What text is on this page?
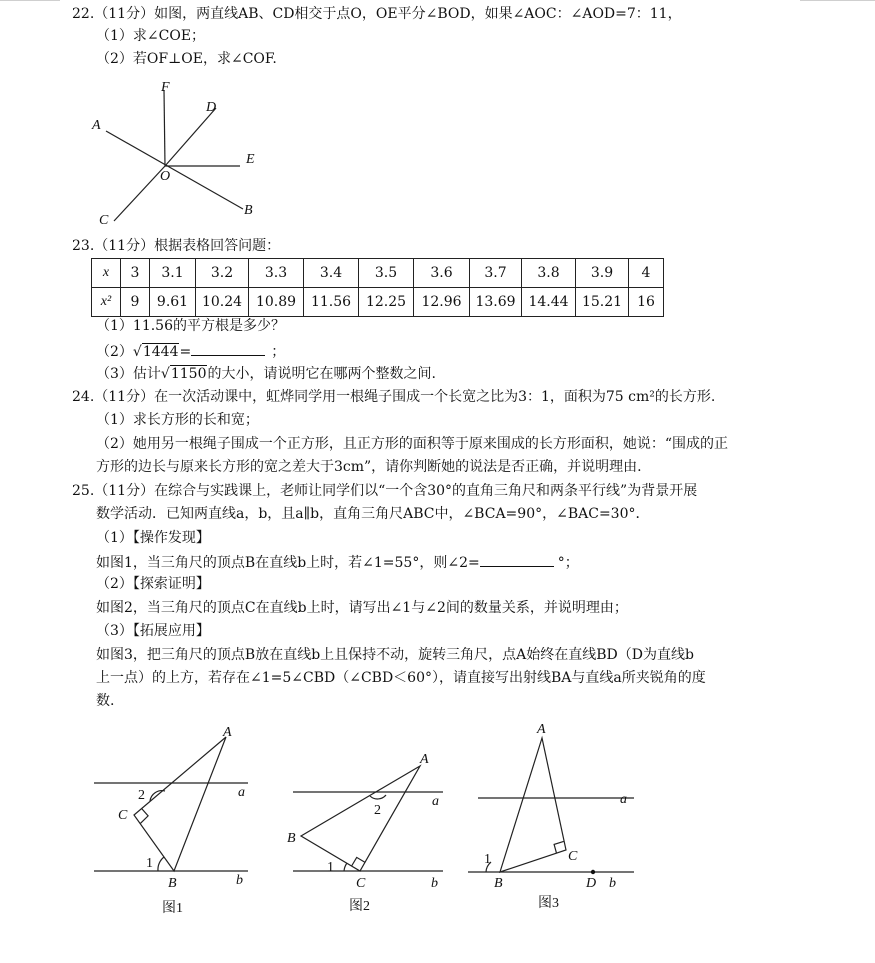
22.（11分）如图，两直线AB、CD相交于点O，OE平分∠BOD，如果∠AOC：∠AOD=7：11，
（1）求∠COE；
（2）若OF⊥OE，求∠COF.
F
D
A
E
O
C
B
23.（11分）根据表格回答问题：
x	3	3.1	3.2	3.3	3.4	3.5	3.6	3.7	3.8	3.9	4
x²	9	9.61	10.24	10.89	11.56	12.25	12.96	13.69	14.44	15.21	16
（1）11.56的平方根是多少？
（2）√1444=	；
（3）估计√1150的大小，请说明它在哪两个整数之间.
24.（11分）在一次活动课中，虹烨同学用一根绳子围成一个长宽之比为3：1，面积为75 cm²的长方形.
（1）求长方形的长和宽；
（2）她用另一根绳子围成一个正方形，且正方形的面积等于原来围成的长方形面积，她说：“围成的正
方形的边长与原来长方形的宽之差大于3cm”，请你判断她的说法是否正确，并说明理由.
25.（11分）在综合与实践课上，老师让同学们以“一个含30°的直角三角尺和两条平行线”为背景开展
数学活动．已知两直线a，b，且a∥b，直角三角尺ABC中，∠BCA=90°，∠BAC=30°．
（1）【操作发现】
如图1，当三角尺的顶点B在直线b上时，若∠1=55°，则∠2=	°；
（2）【探索证明】
如图2，当三角尺的顶点C在直线b上时，请写出∠1与∠2间的数量关系，并说明理由；
（3）【拓展应用】
如图3，把三角尺的顶点B放在直线b上且保持不动，旋转三角尺，点A始终在直线BD（D为直线b
上一点）的上方，若存在∠1=5∠CBD（∠CBD＜60°），请直接写出射线BA与直线a所夹锐角的度
数.
A
C
B
a
b
2
1
图1
A
B
C
a
b
2
1
图2
A
C
B	D
a
b
1
图3
